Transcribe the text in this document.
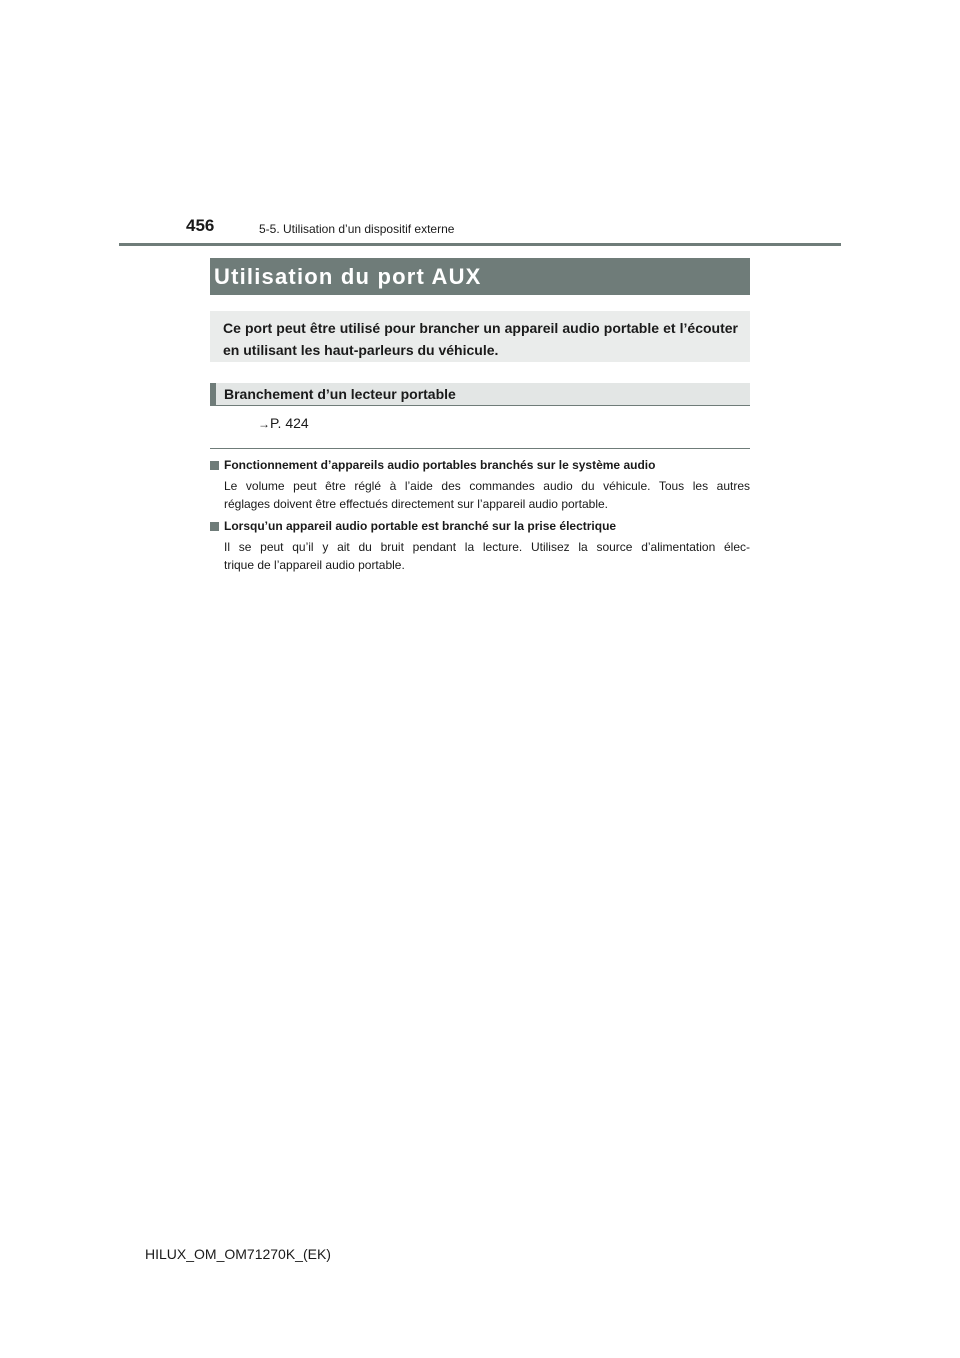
456	5-5. Utilisation d’un dispositif externe
Utilisation du port AUX
Ce port peut être utilisé pour brancher un appareil audio portable et l’écouter en utilisant les haut-parleurs du véhicule.
Branchement d’un lecteur portable
→P. 424
Fonctionnement d’appareils audio portables branchés sur le système audio
Le volume peut être réglé à l’aide des commandes audio du véhicule. Tous les autres
réglages doivent être effectués directement sur l’appareil audio portable.
Lorsqu’un appareil audio portable est branché sur la prise électrique
Il se peut qu’il y ait du bruit pendant la lecture. Utilisez la source d’alimentation élec-
trique de l’appareil audio portable.
HILUX_OM_OM71270K_(EK)
